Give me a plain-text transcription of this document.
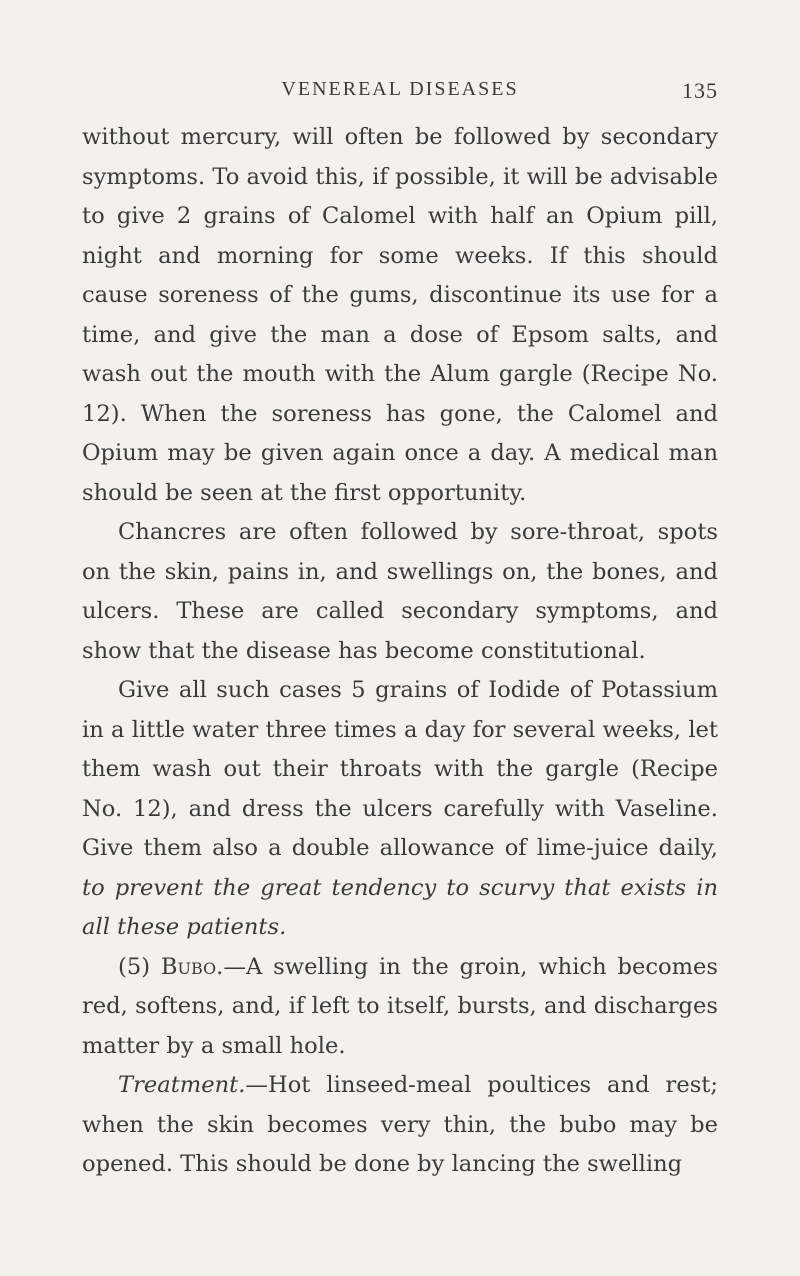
VENEREAL DISEASES	135

without mercury, will often be followed by secondary symptoms. To avoid this, if possible, it will be advisable to give 2 grains of Calomel with half an Opium pill, night and morning for some weeks. If this should cause soreness of the gums, discontinue its use for a time, and give the man a dose of Epsom salts, and wash out the mouth with the Alum gargle (Recipe No. 12). When the soreness has gone, the Calomel and Opium may be given again once a day. A medical man should be seen at the first opportunity.

Chancres are often followed by sore-throat, spots on the skin, pains in, and swellings on, the bones, and ulcers. These are called secondary symptoms, and show that the disease has become constitutional.

Give all such cases 5 grains of Iodide of Potassium in a little water three times a day for several weeks, let them wash out their throats with the gargle (Recipe No. 12), and dress the ulcers carefully with Vaseline. Give them also a double allowance of lime-juice daily, to prevent the great tendency to scurvy that exists in all these patients.

(5) Bubo.—A swelling in the groin, which becomes red, softens, and, if left to itself, bursts, and discharges matter by a small hole.

Treatment.—Hot linseed-meal poultices and rest; when the skin becomes very thin, the bubo may be opened. This should be done by lancing the swelling
